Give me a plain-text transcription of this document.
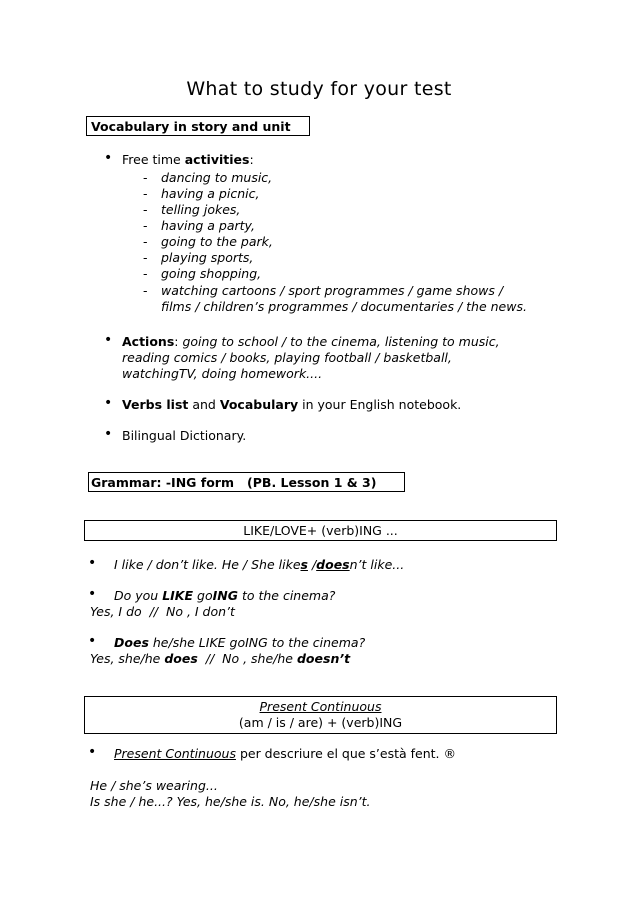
What to study for your test
Vocabulary in story and unit
• Free time activities:
- dancing to music,
- having a picnic,
- telling jokes,
- having a party,
- going to the park,
- playing sports,
- going shopping,
- watching cartoons / sport programmes / game shows /
films / children’s programmes / documentaries / the news.
• Actions: going to school / to the cinema, listening to music,
reading comics / books, playing football / basketball,
watchingTV, doing homework....
• Verbs list and Vocabulary in your English notebook.
• Bilingual Dictionary.
Grammar: -ING form   (PB. Lesson 1 & 3)
LIKE/LOVE+ (verb)ING ...
• I like / don’t like. He / She likes /doesn’t like...
• Do you LIKE goING to the cinema?
Yes, I do  //  No , I don’t
• Does he/she LIKE goING to the cinema?
Yes, she/he does  //  No , she/he doesn’t
Present Continuous
(am / is / are) + (verb)ING
• Present Continuous per descriure el que s’està fent. ®
He / she’s wearing...
Is she / he...? Yes, he/she is. No, he/she isn’t.
